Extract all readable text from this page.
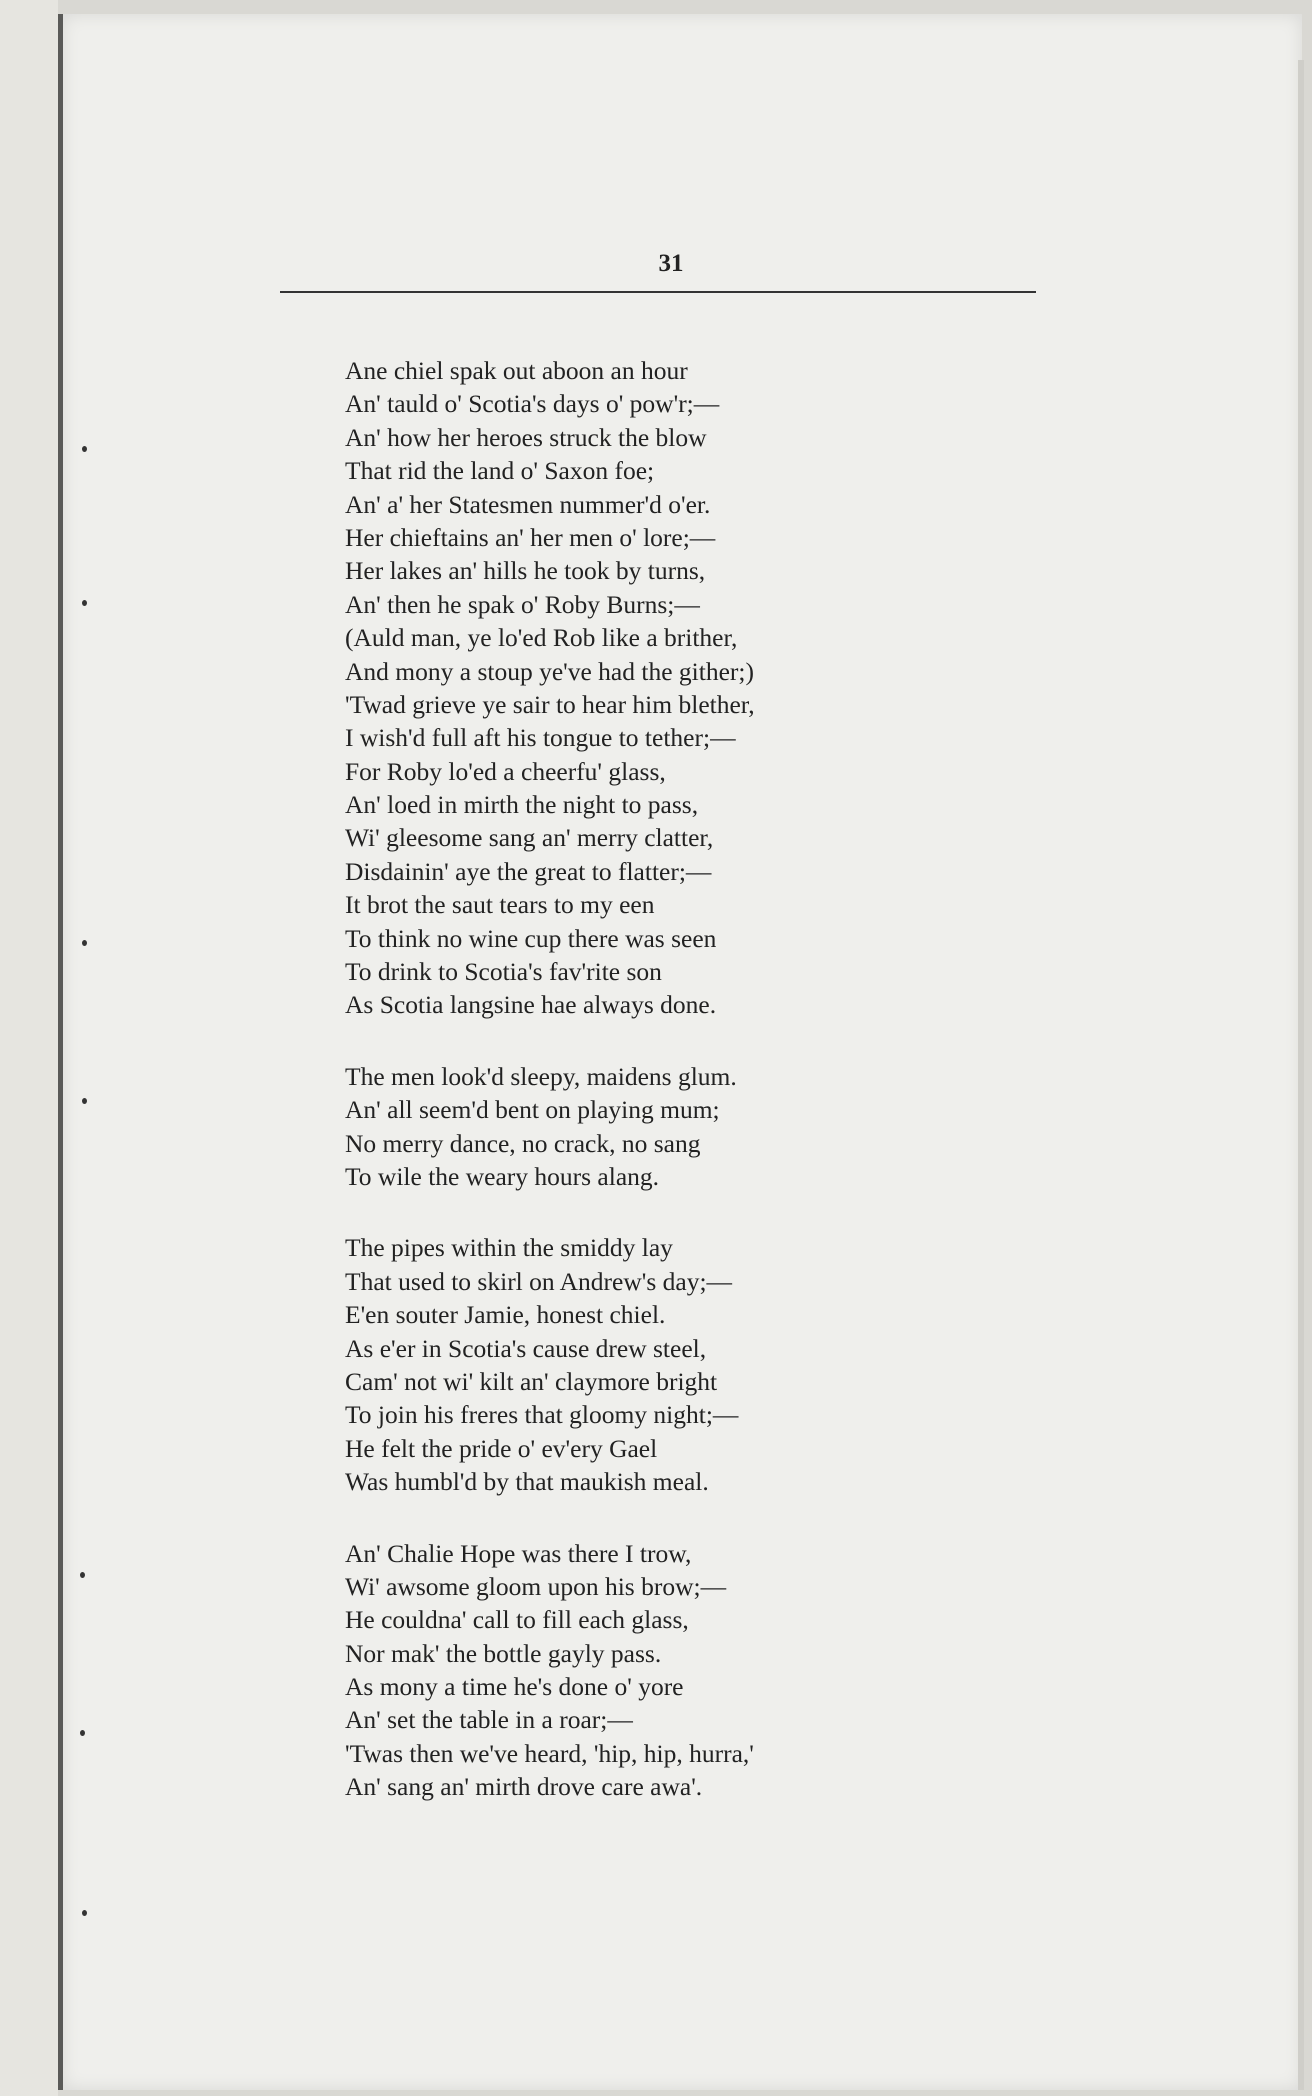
31
Ane chiel spak out aboon an hour
An' tauld o' Scotia's days o' pow'r;—
An' how her heroes struck the blow
That rid the land o' Saxon foe;
An' a' her Statesmen nummer'd o'er.
Her chieftains an' her men o' lore;—
Her lakes an' hills he took by turns,
An' then he spak o' Roby Burns;—
(Auld man, ye lo'ed Rob like a brither,
And mony a stoup ye've had the gither;)
'Twad grieve ye sair to hear him blether,
I wish'd full aft his tongue to tether;—
For Roby lo'ed a cheerfu' glass,
An' loed in mirth the night to pass,
Wi' gleesome sang an' merry clatter,
Disdainin' aye the great to flatter;—
It brot the saut tears to my een
To think no wine cup there was seen
To drink to Scotia's fav'rite son
As Scotia langsine hae always done.
The men look'd sleepy, maidens glum.
An' all seem'd bent on playing mum;
No merry dance, no crack, no sang
To wile the weary hours alang.
The pipes within the smiddy lay
That used to skirl on Andrew's day;—
E'en souter Jamie, honest chiel.
As e'er in Scotia's cause drew steel,
Cam' not wi' kilt an' claymore bright
To join his freres that gloomy night;—
He felt the pride o' ev'ery Gael
Was humbl'd by that maukish meal.
An' Chalie Hope was there I trow,
Wi' awsome gloom upon his brow;—
He couldna' call to fill each glass,
Nor mak' the bottle gayly pass.
As mony a time he's done o' yore
An' set the table in a roar;—
'Twas then we've heard, 'hip, hip, hurra,'
An' sang an' mirth drove care awa'.
